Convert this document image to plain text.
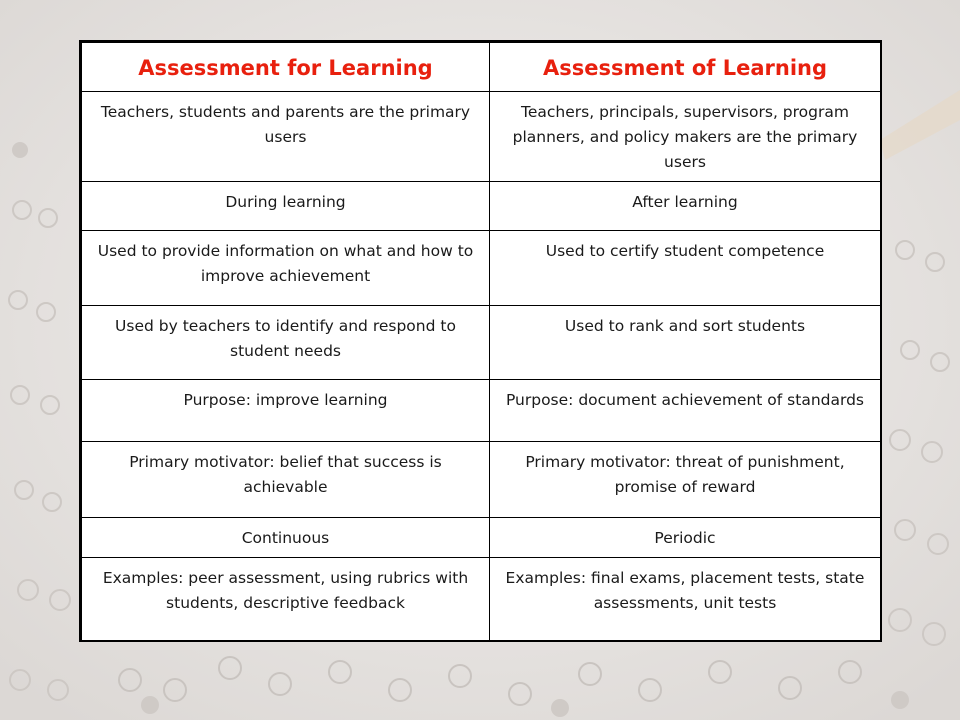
Assessment for Learning	Assessment of Learning
Teachers, students and parents are the primary users	Teachers, principals, supervisors, program planners, and policy makers are the primary users
During learning	After learning
Used to provide information on what and how to improve achievement	Used to certify student competence
Used by teachers to identify and respond to student needs	Used to rank and sort students
Purpose: improve learning	Purpose: document achievement of standards
Primary motivator: belief that success is achievable	Primary motivator: threat of punishment, promise of reward
Continuous	Periodic
Examples: peer assessment, using rubrics with students, descriptive feedback	Examples: final exams, placement tests, state assessments, unit tests
